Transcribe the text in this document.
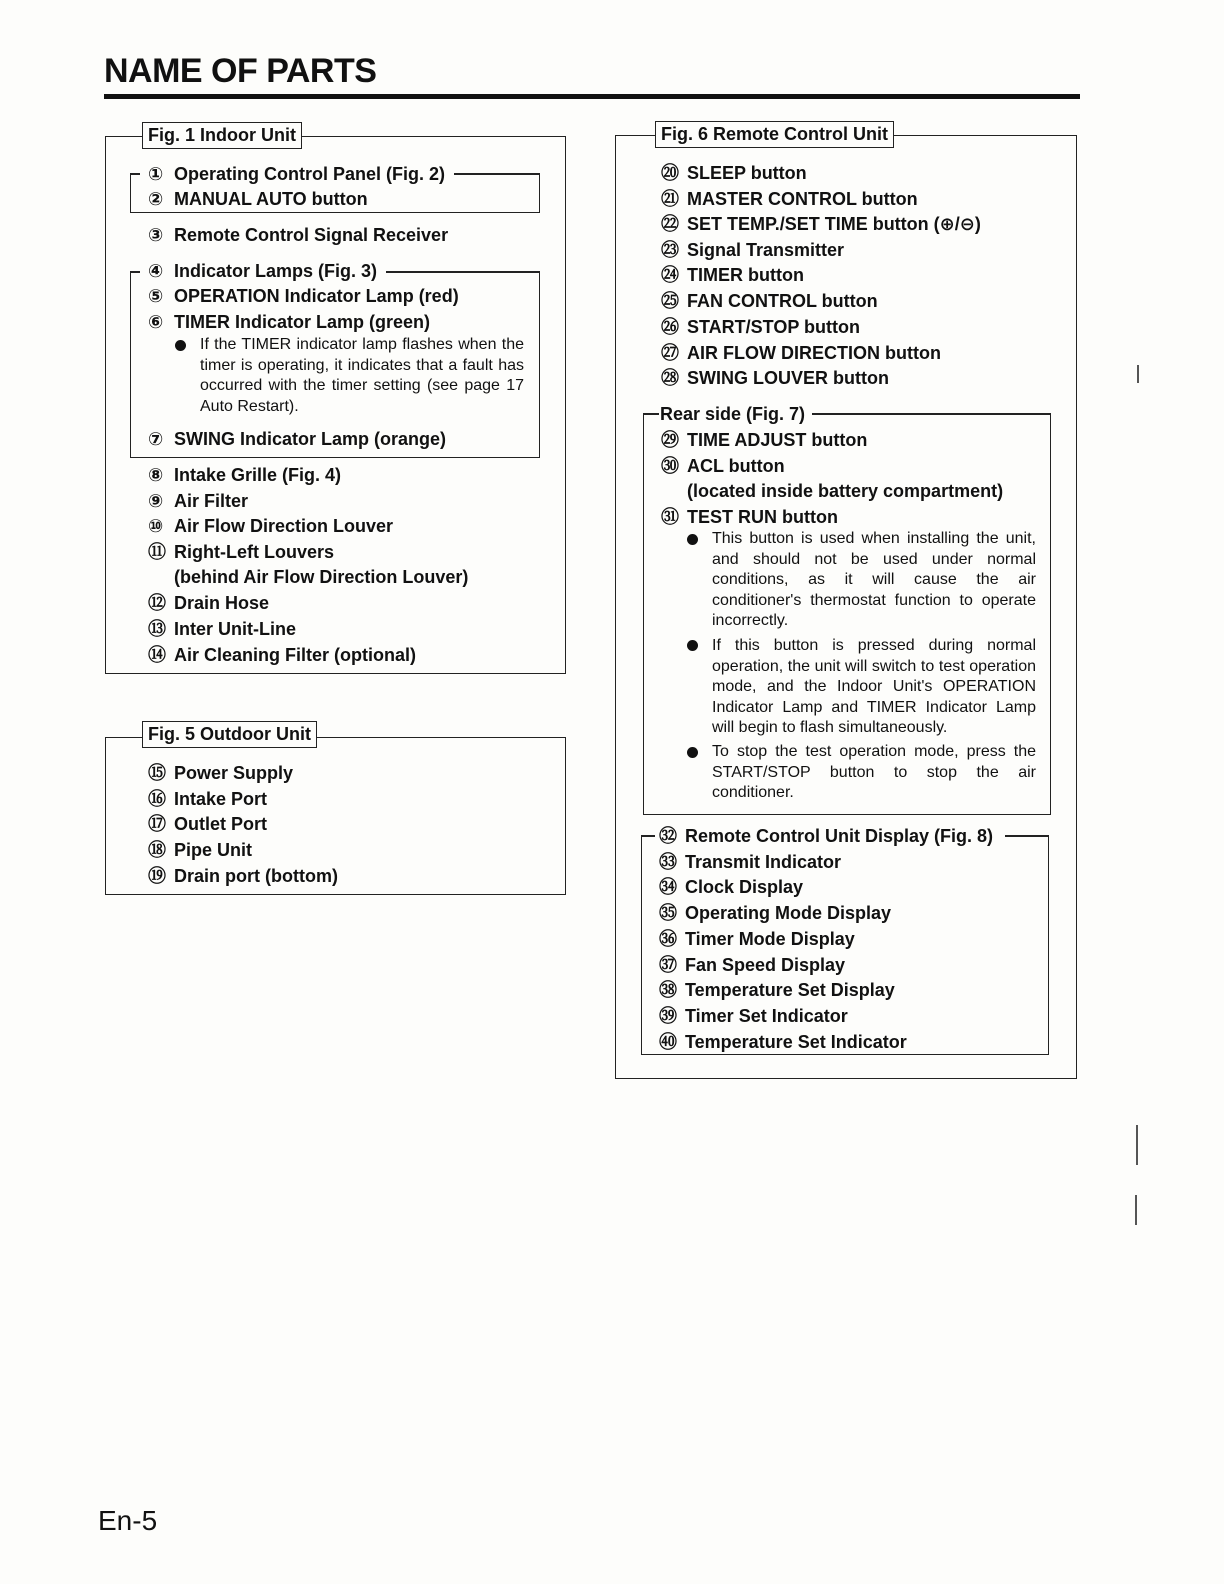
NAME OF PARTS
Fig. 1 Indoor Unit
① Operating Control Panel (Fig. 2)
② MANUAL AUTO button
③ Remote Control Signal Receiver
④ Indicator Lamps (Fig. 3)
⑤ OPERATION Indicator Lamp (red)
⑥ TIMER Indicator Lamp (green)
If the TIMER indicator lamp flashes when the timer is operating, it indicates that a fault has occurred with the timer setting (see page 17 Auto Restart).
⑦ SWING Indicator Lamp (orange)
⑧ Intake Grille (Fig. 4)
⑨ Air Filter
⑩ Air Flow Direction Louver
⑪ Right-Left Louvers
(behind Air Flow Direction Louver)
⑫ Drain Hose
⑬ Inter Unit-Line
⑭ Air Cleaning Filter (optional)
Fig. 5 Outdoor Unit
⑮ Power Supply
⑯ Intake Port
⑰ Outlet Port
⑱ Pipe Unit
⑲ Drain port (bottom)
Fig. 6 Remote Control Unit
⑳ SLEEP button
㉑ MASTER CONTROL button
㉒ SET TEMP./SET TIME button (⊕/⊖)
㉓ Signal Transmitter
㉔ TIMER button
㉕ FAN CONTROL button
㉖ START/STOP button
㉗ AIR FLOW DIRECTION button
㉘ SWING LOUVER button
Rear side (Fig. 7)
㉙ TIME ADJUST button
㉚ ACL button
(located inside battery compartment)
㉛ TEST RUN button
This button is used when installing the unit, and should not be used under normal conditions, as it will cause the air conditioner's thermostat function to operate incorrectly.
If this button is pressed during normal operation, the unit will switch to test operation mode, and the Indoor Unit's OPERATION Indicator Lamp and TIMER Indicator Lamp will begin to flash simultaneously.
To stop the test operation mode, press the START/STOP button to stop the air conditioner.
㉜ Remote Control Unit Display (Fig. 8)
㉝ Transmit Indicator
㉞ Clock Display
㉟ Operating Mode Display
㊱ Timer Mode Display
㊲ Fan Speed Display
㊳ Temperature Set Display
㊴ Timer Set Indicator
㊵ Temperature Set Indicator
En-5
